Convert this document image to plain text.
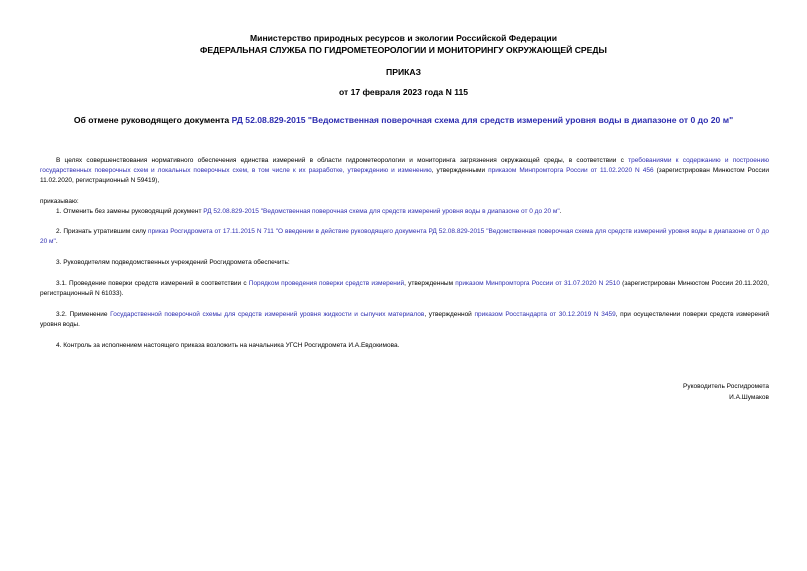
Министерство природных ресурсов и экологии Российской Федерации
ФЕДЕРАЛЬНАЯ СЛУЖБА ПО ГИДРОМЕТЕОРОЛОГИИ И МОНИТОРИНГУ ОКРУЖАЮЩЕЙ СРЕДЫ
ПРИКАЗ
от 17 февраля 2023 года N 115
Об отмене руководящего документа РД 52.08.829-2015 "Ведомственная поверочная схема для средств измерений уровня воды в диапазоне от 0 до 20 м"
В целях совершенствования нормативного обеспечения единства измерений в области гидрометеорологии и мониторинга загрязнения окружающей среды, в соответствии с требованиями к содержанию и построению государственных поверочных схем и локальных поверочных схем, в том числе к их разработке, утверждению и изменению, утвержденными приказом Минпромторга России от 11.02.2020 N 456 (зарегистрирован Минюстом России 11.02.2020, регистрационный N 59419),
приказываю:
1. Отменить без замены руководящий документ РД 52.08.829-2015 "Ведомственная поверочная схема для средств измерений уровня воды в диапазоне от 0 до 20 м".
2. Признать утратившим силу приказ Росгидромета от 17.11.2015 N 711 "О введении в действие руководящего документа РД 52.08.829-2015 "Ведомственная поверочная схема для средств измерений уровня воды в диапазоне от 0 до 20 м".
3. Руководителям подведомственных учреждений Росгидромета обеспечить:
3.1. Проведение поверки средств измерений в соответствии с Порядком проведения поверки средств измерений, утвержденным приказом Минпромторга России от 31.07.2020 N 2510 (зарегистрирован Минюстом России 20.11.2020, регистрационный N 61033).
3.2. Применение Государственной поверочной схемы для средств измерений уровня жидкости и сыпучих материалов, утвержденной приказом Росстандарта от 30.12.2019 N 3459, при осуществлении поверки средств измерений уровня воды.
4. Контроль за исполнением настоящего приказа возложить на начальника УГСН Росгидромета И.А.Евдокимова.
Руководитель Росгидромета
И.А.Шумаков
